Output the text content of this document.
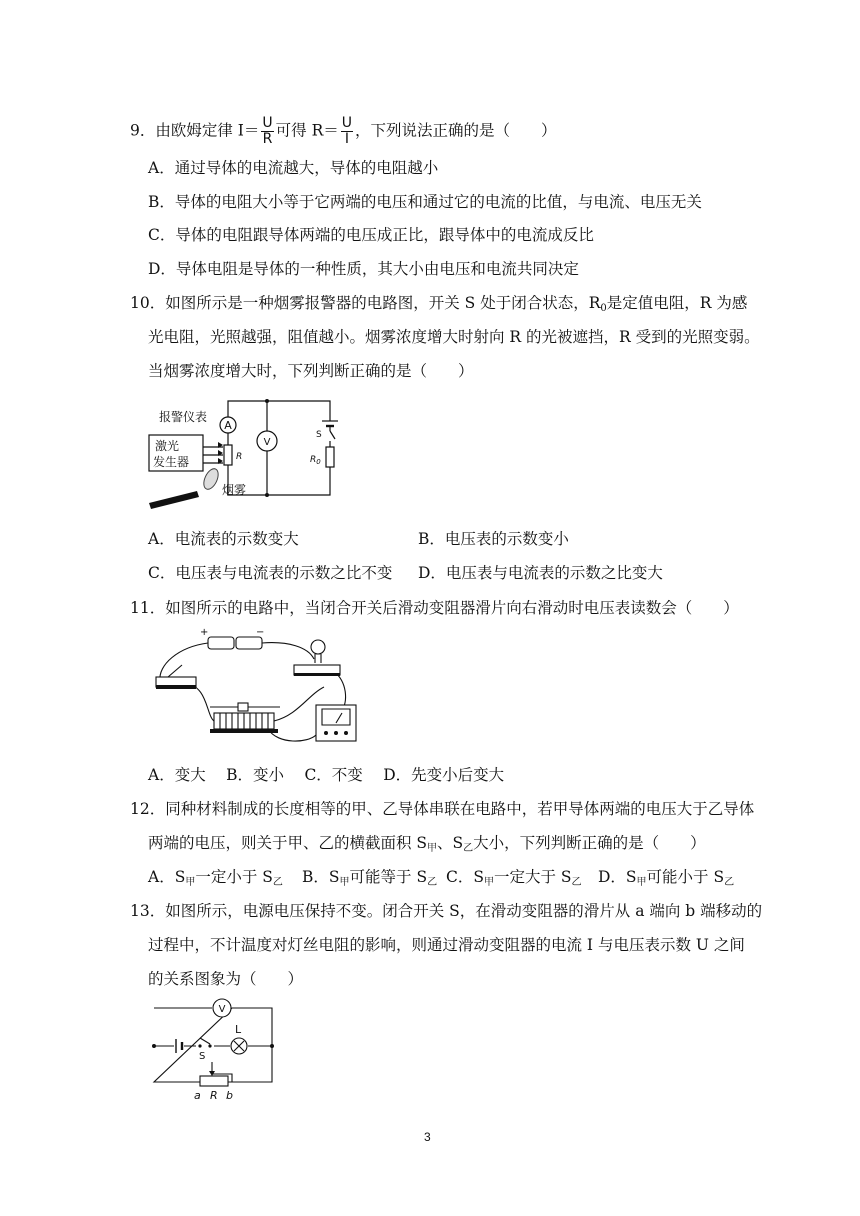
9．由欧姆定律 $I= \frac{U}{R}$ 可得 $R= \frac{U}{I}$ ，下列说法正确的是（　　）
A．通过导体的电流越大，导体的电阻越小
B．导体的电阻大小等于它两端的电压和通过它的电流的比值，与电流、电压无关
C．导体的电阻跟导体两端的电压成正比，跟导体中的电流成反比
D．导体电阻是导体的一种性质，其大小由电压和电流共同决定
10．如图所示是一种烟雾报警器的电路图，开关 S 处于闭合状态，$R_0$是定值电阻，R 为感
光电阻，光照越强，阻值越小。烟雾浓度增大时射向 R 的光被遮挡，R 受到的光照变弱。
当烟雾浓度增大时，下列判断正确的是（　　）
报警仪表
A
V
激光
发生器	R
S
$R_0$
烟雾
A．电流表的示数变大	B．电压表的示数变小
C．电压表与电流表的示数之比不变 D．电压表与电流表的示数之比变大
11．如图所示的电路中，当闭合开关后滑动变阻器滑片向右滑动时电压表读数会（　　）
+	−
A．变大　 B．变小　 C．不变　 D．先变小后变大
12．同种材料制成的长度相等的甲、乙导体串联在电路中，若甲导体两端的电压大于乙导体
两端的电压，则关于甲、乙的横截面积 $S_甲$、$S_乙$大小，下列判断正确的是（　　）
A．$S_甲$一定小于 $S_乙$ B．$S_甲$可能等于 $S_乙$ C．$S_甲$一定大于 $S_乙$ D．$S_甲$可能小于 $S_乙$
13．如图所示，电源电压保持不变。闭合开关 S，在滑动变阻器的滑片从 a 端向 b 端移动的
过程中，不计温度对灯丝电阻的影响，则通过滑动变阻器的电流 I 与电压表示数 U 之间
的关系图象为（　　）
V
L
S
a R b
3
